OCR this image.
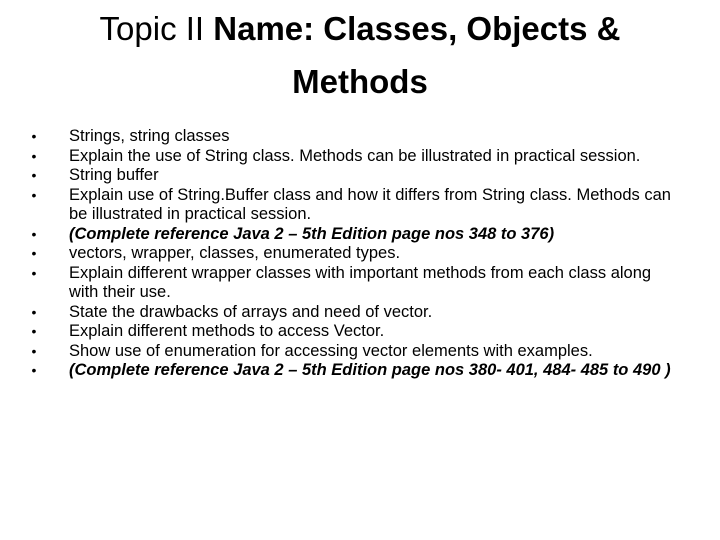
Topic II Name: Classes, Objects & Methods
• Strings, string classes
• Explain the use of String class. Methods can be illustrated in practical session.
• String buffer
• Explain use of String.Buffer class and how it differs from String class. Methods can be illustrated in practical session.
• (Complete reference Java 2 – 5th Edition page nos 348 to 376)
• vectors, wrapper, classes, enumerated types.
• Explain different wrapper classes with important methods from each class along with their use.
• State the drawbacks of arrays and need of vector.
• Explain different methods to access Vector.
• Show use of enumeration for accessing vector elements with examples.
• (Complete reference Java 2 – 5th Edition page nos 380- 401, 484- 485 to 490 )
